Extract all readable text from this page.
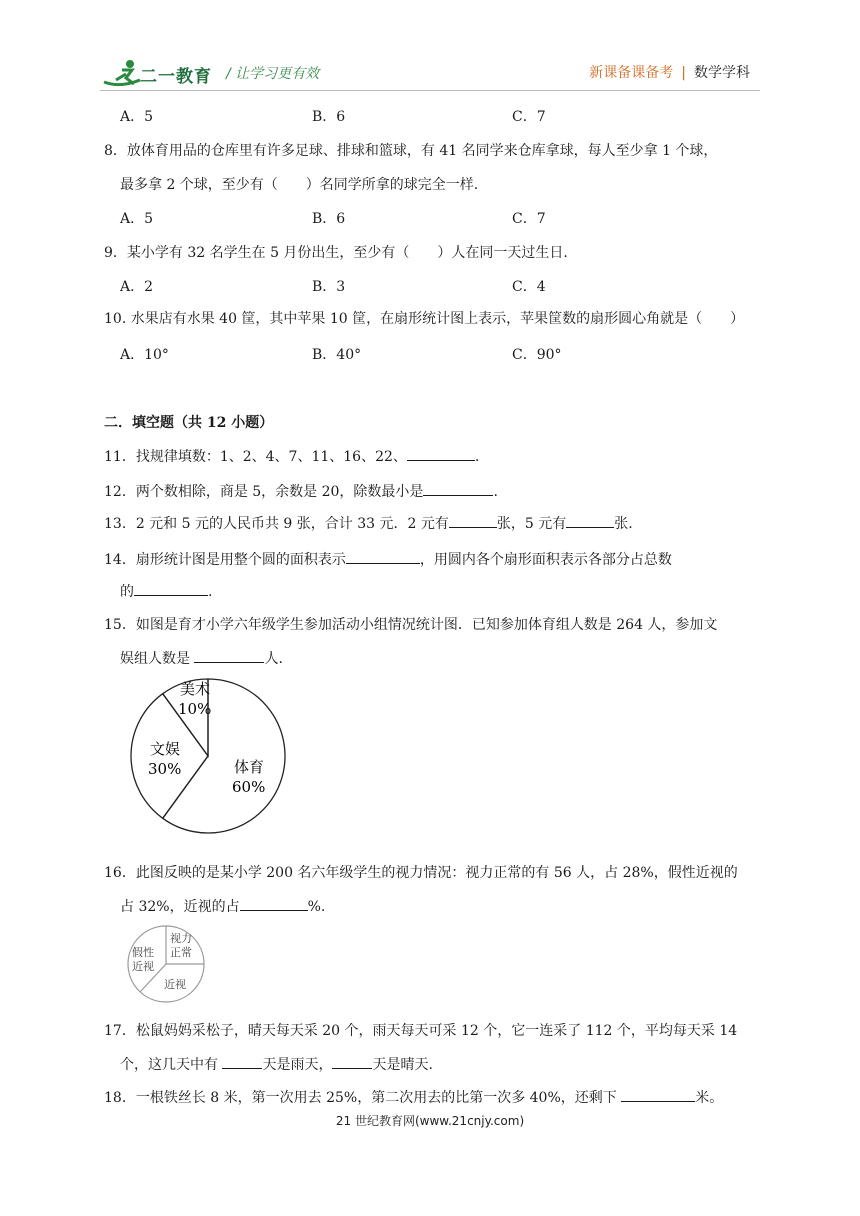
二一教育 / 让学习更有效	新课备课备考 | 数学学科
A．5	B．6	C．7
8．放体育用品的仓库里有许多足球、排球和篮球，有 41 名同学来仓库拿球，每人至少拿 1 个球，
最多拿 2 个球，至少有（　　）名同学所拿的球完全一样.
A．5	B．6	C．7
9．某小学有 32 名学生在 5 月份出生，至少有（　　）人在同一天过生日.
A．2	B．3	C．4
10. 水果店有水果 40 筐，其中苹果 10 筐，在扇形统计图上表示，苹果筐数的扇形圆心角就是（　　）
A．10°	B．40°	C．90°
二．填空题（共 12 小题）
11．找规律填数：1、2、4、7、11、16、22、	.
12．两个数相除，商是 5，余数是 20，除数最小是	.
13．2 元和 5 元的人民币共 9 张，合计 33 元．2 元有	张，5 元有	张.
14．扇形统计图是用整个圆的面积表示	，用圆内各个扇形面积表示各部分占总数
的	.
15．如图是育才小学六年级学生参加活动小组情况统计图．已知参加体育组人数是 264 人，参加文
娱组人数是	人.
美术
10%
文娱
30%	体育
60%
16．此图反映的是某小学 200 名六年级学生的视力情况：视力正常的有 56 人，占 28%，假性近视的
占 32%，近视的占	%.
视力
正常
假性
近视
近视
17．松鼠妈妈采松子，晴天每天采 20 个，雨天每天可采 12 个，它一连采了 112 个，平均每天采 14
个，这几天中有	天是雨天，	天是晴天.
18．一根铁丝长 8 米，第一次用去 25%，第二次用去的比第一次多 40%，还剩下	米。
21 世纪教育网(www.21cnjy.com)
